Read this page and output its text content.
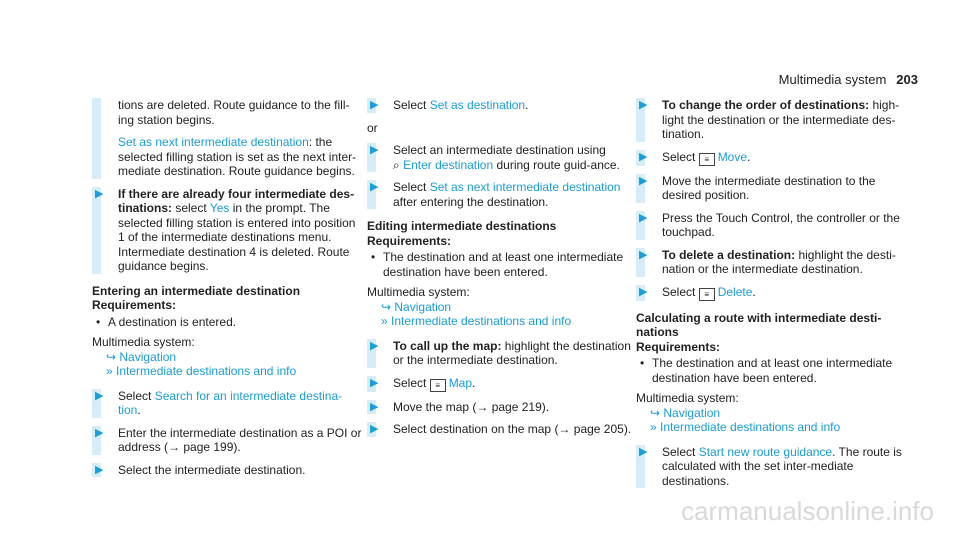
Multimedia system 203
tions are deleted. Route guidance to the fill-ing station begins.
Set as next intermediate destination: the selected filling station is set as the next inter-mediate destination. Route guidance begins.
▶ If there are already four intermediate des-tinations: select Yes in the prompt. The selected filling station is entered into position 1 of the intermediate destinations menu. Intermediate destination 4 is deleted. Route guidance begins.
Entering an intermediate destination
Requirements:
• A destination is entered.
Multimedia system:
↪ Navigation
» Intermediate destinations and info
▶ Select Search for an intermediate destina-tion.
▶ Enter the intermediate destination as a POI or address (→ page 199).
▶ Select the intermediate destination.
▶ Select Set as destination.
or
▶ Select an intermediate destination using
⌕ Enter destination during route guid-ance.
▶ Select Set as next intermediate destination after entering the destination.
Editing intermediate destinations
Requirements:
• The destination and at least one intermediate destination have been entered.
Multimedia system:
↪ Navigation
» Intermediate destinations and info
▶ To call up the map: highlight the destination or the intermediate destination.
▶ Select ≡ Map.
▶ Move the map (→ page 219).
▶ Select destination on the map (→ page 205).
▶ To change the order of destinations: high-light the destination or the intermediate des-tination.
▶ Select ≡ Move.
▶ Move the intermediate destination to the desired position.
▶ Press the Touch Control, the controller or the touchpad.
▶ To delete a destination: highlight the desti-nation or the intermediate destination.
▶ Select ≡ Delete.
Calculating a route with intermediate desti-nations
Requirements:
• The destination and at least one intermediate destination have been entered.
Multimedia system:
↪ Navigation
» Intermediate destinations and info
▶ Select Start new route guidance. The route is calculated with the set inter-mediate destinations.
carmanualsonline.info
